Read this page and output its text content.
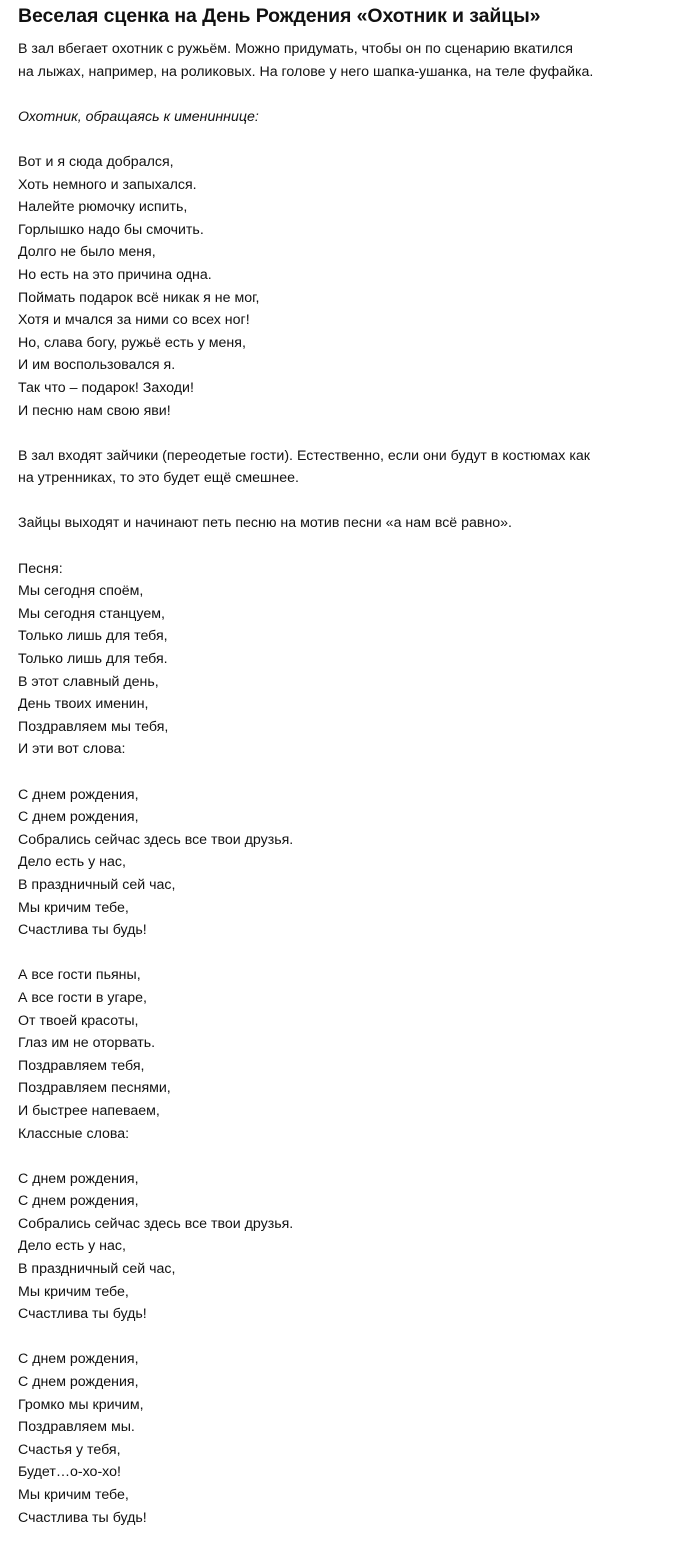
Веселая сценка на День Рождения «Охотник и зайцы»

В зал вбегает охотник с ружьём. Можно придумать, чтобы он по сценарию вкатился
на лыжах, например, на роликовых. На голове у него шапка-ушанка, на теле фуфайка.

Охотник, обращаясь к имениннице:

Вот и я сюда добрался,
Хоть немного и запыхался.
Налейте рюмочку испить,
Горлышко надо бы смочить.
Долго не было меня,
Но есть на это причина одна.
Поймать подарок всё никак я не мог,
Хотя и мчался за ними со всех ног!
Но, слава богу, ружьё есть у меня,
И им воспользовался я.
Так что – подарок! Заходи!
И песню нам свою яви!

В зал входят зайчики (переодетые гости). Естественно, если они будут в костюмах как
на утренниках, то это будет ещё смешнее.

Зайцы выходят и начинают петь песню на мотив песни «а нам всё равно».

Песня:
Мы сегодня споём,
Мы сегодня станцуем,
Только лишь для тебя,
Только лишь для тебя.
В этот славный день,
День твоих именин,
Поздравляем мы тебя,
И эти вот слова:

С днем рождения,
С днем рождения,
Собрались сейчас здесь все твои друзья.
Дело есть у нас,
В праздничный сей час,
Мы кричим тебе,
Счастлива ты будь!

А все гости пьяны,
А все гости в угаре,
От твоей красоты,
Глаз им не оторвать.
Поздравляем тебя,
Поздравляем песнями,
И быстрее напеваем,
Классные слова:

С днем рождения,
С днем рождения,
Собрались сейчас здесь все твои друзья.
Дело есть у нас,
В праздничный сей час,
Мы кричим тебе,
Счастлива ты будь!

С днем рождения,
С днем рождения,
Громко мы кричим,
Поздравляем мы.
Счастья у тебя,
Будет…о-хо-хо!
Мы кричим тебе,
Счастлива ты будь!
